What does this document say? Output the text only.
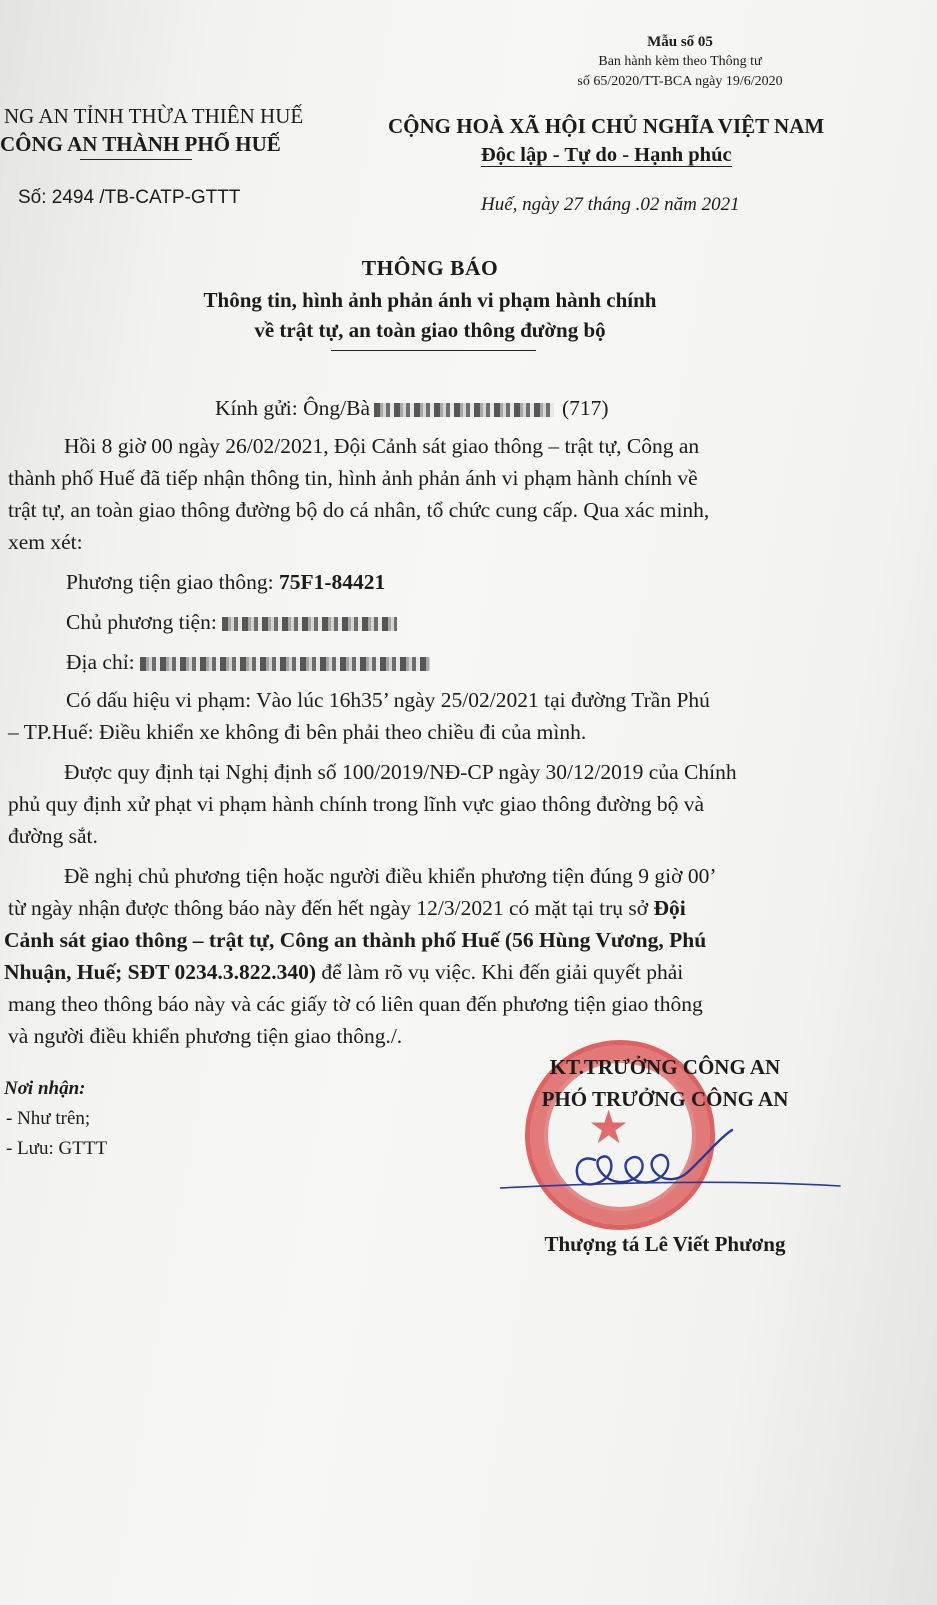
Mẫu số 05
Ban hành kèm theo Thông tư
số 65/2020/TT-BCA ngày 19/6/2020
NG AN TỈNH THỪA THIÊN HUẾ
CÔNG AN THÀNH PHỐ HUẾ
Số: 2494 /TB-CATP-GTTT
CỘNG HOÀ XÃ HỘI CHỦ NGHĨA VIỆT NAM
Độc lập - Tự do - Hạnh phúc
Huế, ngày 27 tháng .02 năm 2021
THÔNG BÁO
Thông tin, hình ảnh phản ánh vi phạm hành chính
về trật tự, an toàn giao thông đường bộ
Kính gửi: Ông/Bà	(717)
Hồi 8 giờ 00 ngày 26/02/2021, Đội Cảnh sát giao thông – trật tự, Công an
thành phố Huế đã tiếp nhận thông tin, hình ảnh phản ánh vi phạm hành chính về
trật tự, an toàn giao thông đường bộ do cá nhân, tổ chức cung cấp. Qua xác minh,
xem xét:
Phương tiện giao thông: 75F1-84421
Chủ phương tiện:
Địa chỉ:
Có dấu hiệu vi phạm: Vào lúc 16h35’ ngày 25/02/2021 tại đường Trần Phú
– TP.Huế: Điều khiển xe không đi bên phải theo chiều đi của mình.
Được quy định tại Nghị định số 100/2019/NĐ-CP ngày 30/12/2019 của Chính
phủ quy định xử phạt vi phạm hành chính trong lĩnh vực giao thông đường bộ và
đường sắt.
Đề nghị chủ phương tiện hoặc người điều khiển phương tiện đúng 9 giờ 00’
từ ngày nhận được thông báo này đến hết ngày 12/3/2021 có mặt tại trụ sở Đội
Cảnh sát giao thông – trật tự, Công an thành phố Huế (56 Hùng Vương, Phú
Nhuận, Huế; SĐT 0234.3.822.340) để làm rõ vụ việc. Khi đến giải quyết phải
mang theo thông báo này và các giấy tờ có liên quan đến phương tiện giao thông
và người điều khiển phương tiện giao thông./.
Nơi nhận:
- Như trên;
- Lưu: GTTT	★
KT.TRƯỞNG CÔNG AN
PHÓ TRƯỞNG CÔNG AN
Thượng tá Lê Viết Phương
